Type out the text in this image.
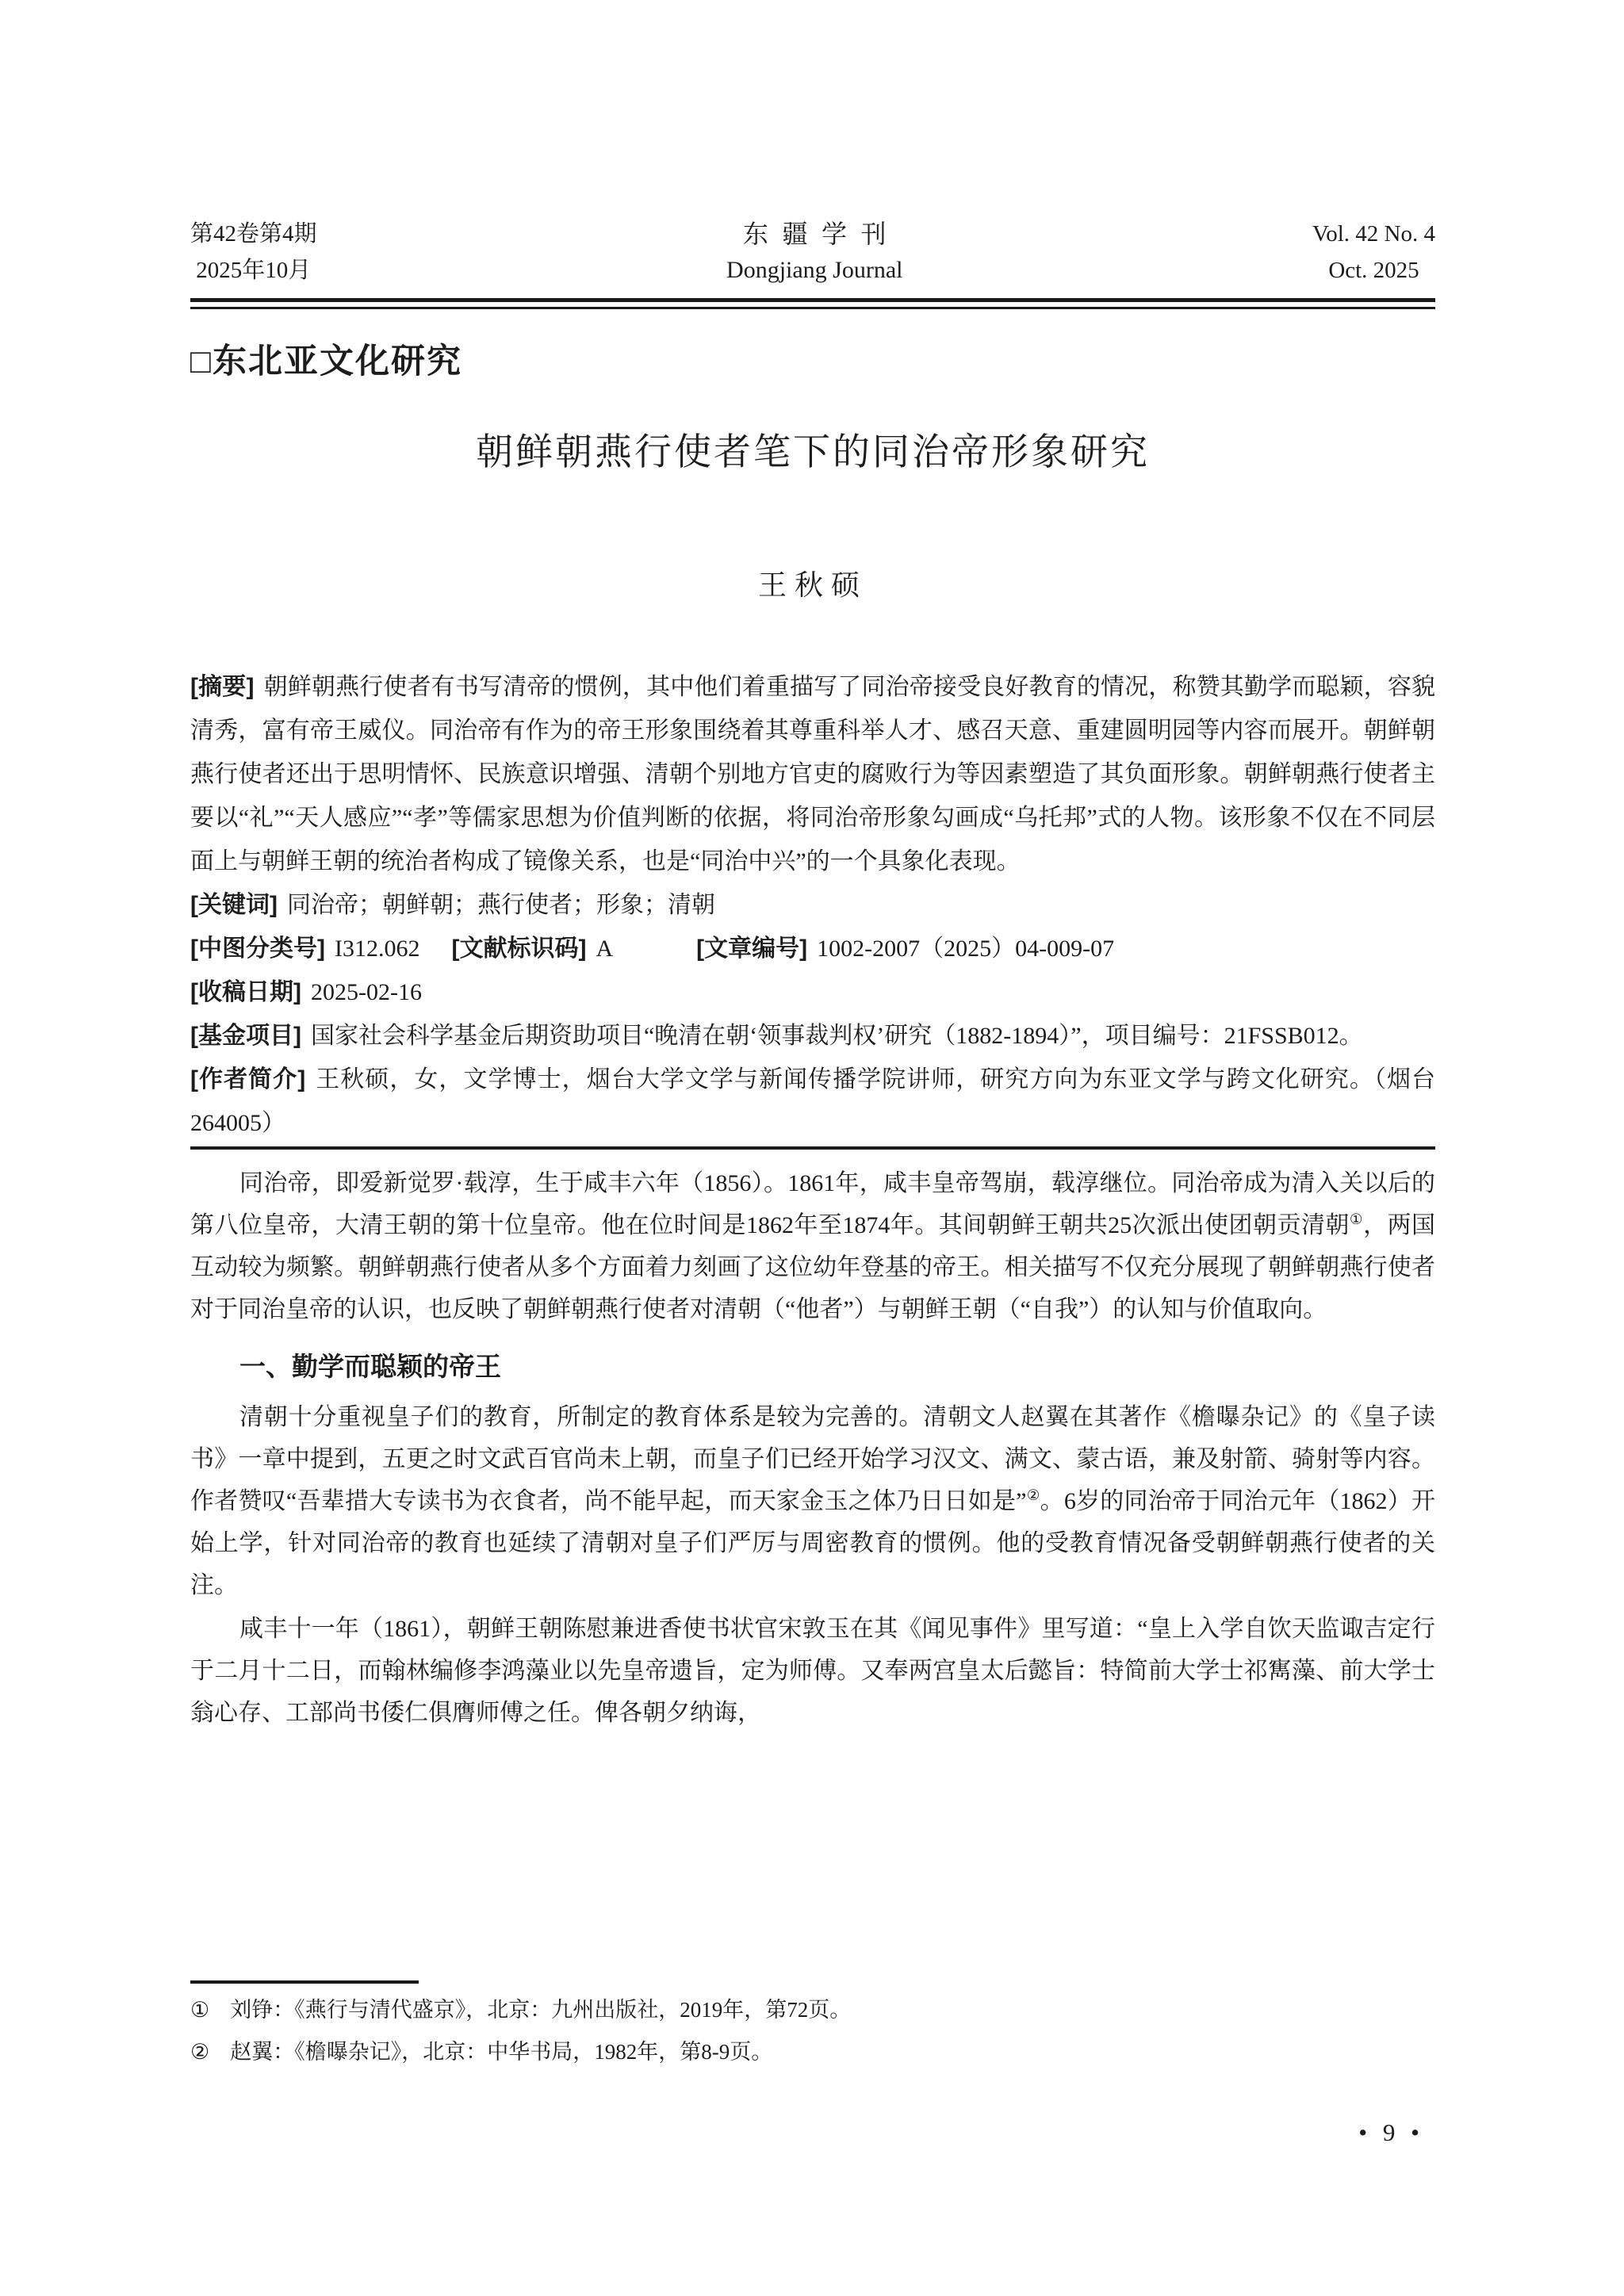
第42卷第4期
2025年10月
东疆学刊
Dongjiang Journal
Vol. 42 No. 4
Oct. 2025
□东北亚文化研究
朝鲜朝燕行使者笔下的同治帝形象研究
王秋硕

[摘要] 朝鲜朝燕行使者有书写清帝的惯例，其中他们着重描写了同治帝接受良好教育的情况，称赞其勤学而聪颖，容貌清秀，富有帝王威仪。同治帝有作为的帝王形象围绕着其尊重科举人才、感召天意、重建圆明园等内容而展开。朝鲜朝燕行使者还出于思明情怀、民族意识增强、清朝个别地方官吏的腐败行为等因素塑造了其负面形象。朝鲜朝燕行使者主要以“礼”“天人感应”“孝”等儒家思想为价值判断的依据，将同治帝形象勾画成“乌托邦”式的人物。该形象不仅在不同层面上与朝鲜王朝的统治者构成了镜像关系，也是“同治中兴”的一个具象化表现。

[关键词] 同治帝；朝鲜朝；燕行使者；形象；清朝

[中图分类号] I312.062 [文献标识码] A	[文章编号] 1002-2007（2025）04-009-07

[收稿日期] 2025-02-16

[基金项目] 国家社会科学基金后期资助项目“晚清在朝‘领事裁判权’研究（1882-1894）”，项目编号：21FSSB012。

[作者简介] 王秋硕，女，文学博士，烟台大学文学与新闻传播学院讲师，研究方向为东亚文学与跨文化研究。（烟台 264005）

同治帝，即爱新觉罗·载淳，生于咸丰六年（1856）。1861年，咸丰皇帝驾崩，载淳继位。同治帝成为清入关以后的第八位皇帝，大清王朝的第十位皇帝。他在位时间是1862年至1874年。其间朝鲜王朝共25次派出使团朝贡清朝①，两国互动较为频繁。朝鲜朝燕行使者从多个方面着力刻画了这位幼年登基的帝王。相关描写不仅充分展现了朝鲜朝燕行使者对于同治皇帝的认识，也反映了朝鲜朝燕行使者对清朝（“他者”）与朝鲜王朝（“自我”）的认知与价值取向。

一、勤学而聪颖的帝王

清朝十分重视皇子们的教育，所制定的教育体系是较为完善的。清朝文人赵翼在其著作《檐曝杂记》的《皇子读书》一章中提到，五更之时文武百官尚未上朝，而皇子们已经开始学习汉文、满文、蒙古语，兼及射箭、骑射等内容。作者赞叹“吾辈措大专读书为衣食者，尚不能早起，而天家金玉之体乃日日如是”②。6岁的同治帝于同治元年（1862）开始上学，针对同治帝的教育也延续了清朝对皇子们严厉与周密教育的惯例。他的受教育情况备受朝鲜朝燕行使者的关注。

咸丰十一年（1861），朝鲜王朝陈慰兼进香使书状官宋敦玉在其《闻见事件》里写道：“皇上入学自饮天监诹吉定行于二月十二日，而翰林编修李鸿藻业以先皇帝遗旨，定为师傅。又奉两宫皇太后懿旨：特简前大学士祁寯藻、前大学士翁心存、工部尚书倭仁俱膺师傅之任。俾各朝夕纳诲，

① 刘铮：《燕行与清代盛京》，北京：九州出版社，2019年，第72页。
② 赵翼：《檐曝杂记》，北京：中华书局，1982年，第8-9页。
• 9 •
